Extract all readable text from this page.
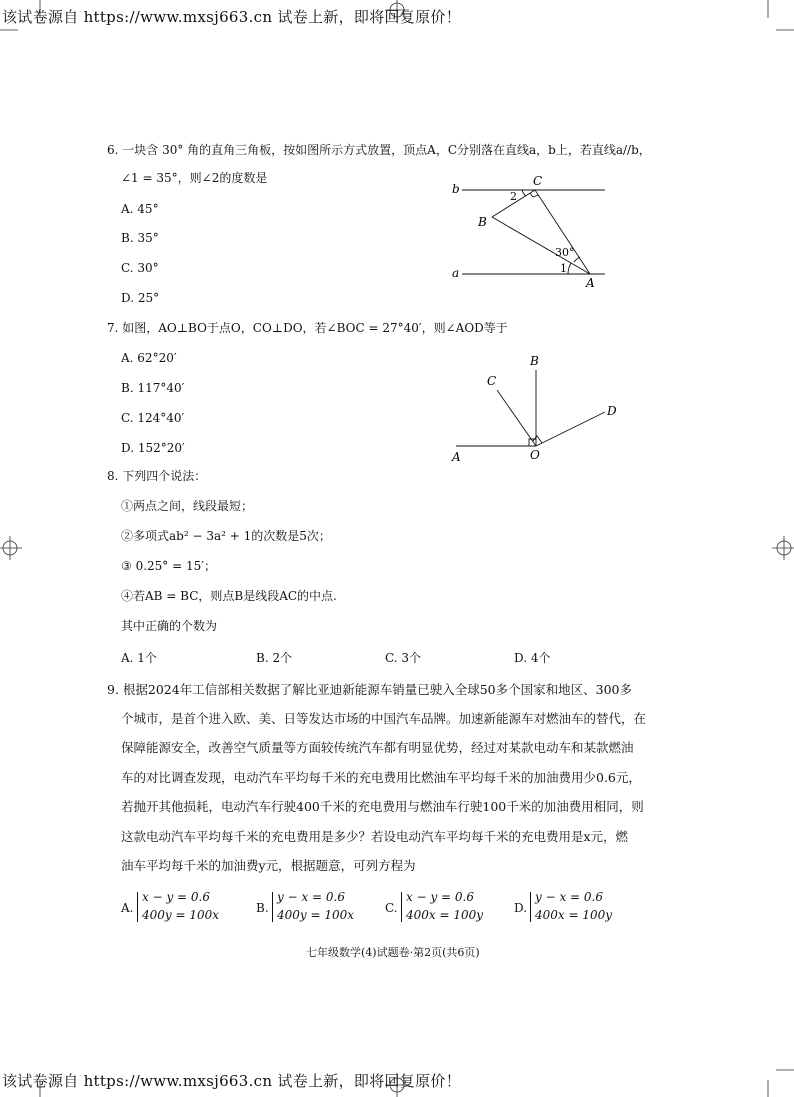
该试卷源自 https://www.mxsj663.cn 试卷上新，即将回复原价！
6. 一块含 30° 角的直角三角板，按如图所示方式放置，顶点A，C分别落在直线a，b上，若直线a//b，
∠1 = 35°，则∠2的度数是
A. 45°
B. 35°
C. 30°
D. 25°
b
C
2
B
30°
1
a
A
7. 如图，AO⊥BO于点O，CO⊥DO，若∠BOC = 27°40′，则∠AOD等于
A. 62°20′
B. 117°40′
C. 124°40′
D. 152°20′
B
C
D
A	O
8. 下列四个说法：
①两点之间，线段最短；
②多项式ab² − 3a² + 1的次数是5次；
③ 0.25° = 15′；
④若AB = BC，则点B是线段AC的中点.
其中正确的个数为
A. 1个	B. 2个	C. 3个	D. 4个
9. 根据2024年工信部相关数据了解比亚迪新能源车销量已驶入全球50多个国家和地区、300多
个城市，是首个进入欧、美、日等发达市场的中国汽车品牌。加速新能源车对燃油车的替代，在
保障能源安全，改善空气质量等方面较传统汽车都有明显优势，经过对某款电动车和某款燃油
车的对比调查发现，电动汽车平均每千米的充电费用比燃油车平均每千米的加油费用少0.6元，
若抛开其他损耗，电动汽车行驶400千米的充电费用与燃油车行驶100千米的加油费用相同，则
这款电动汽车平均每千米的充电费用是多少？若设电动汽车平均每千米的充电费用是x元，燃
油车平均每千米的加油费y元，根据题意，可列方程为
A.
x − y = 0.6
400y = 100x	B.
y − x = 0.6
400y = 100x	C.
x − y = 0.6
400x = 100y	D.
y − x = 0.6
400x = 100y
七年级数学(4)试题卷·第2页(共6页)
该试卷源自 https://www.mxsj663.cn 试卷上新，即将回复原价！
